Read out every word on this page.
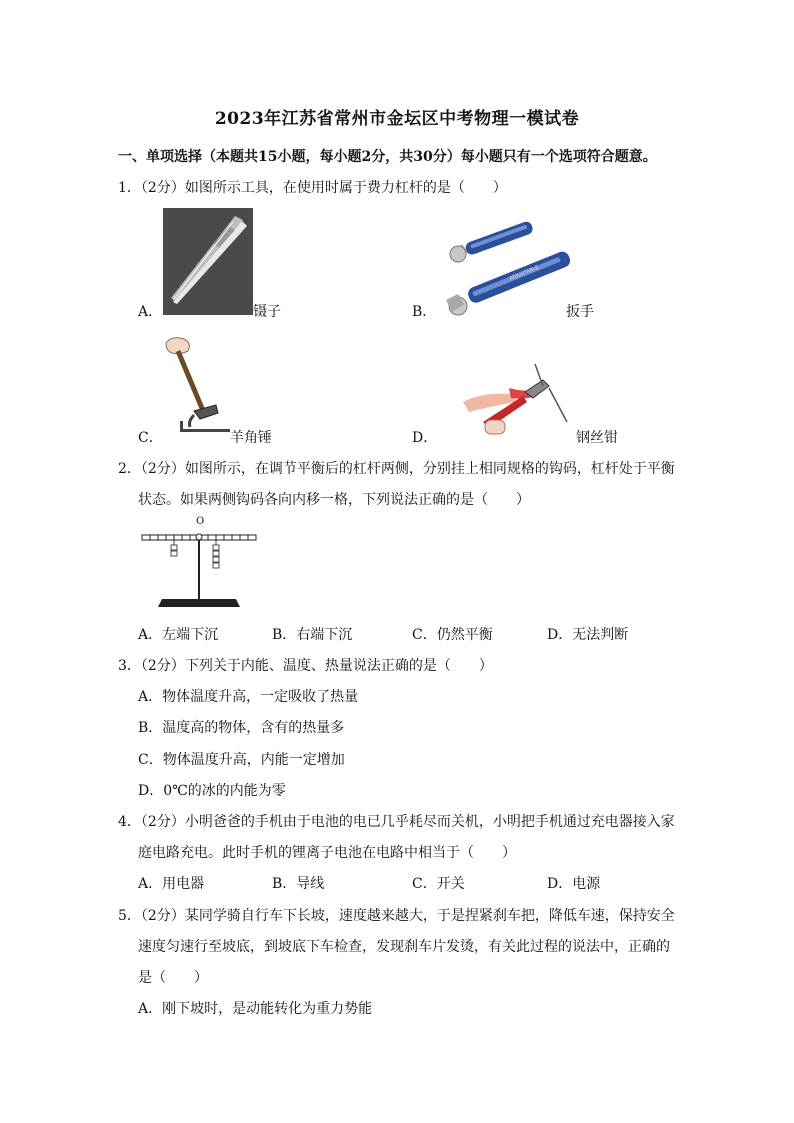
2023年江苏省常州市金坛区中考物理一模试卷
一、单项选择（本题共15小题，每小题2分，共30分）每小题只有一个选项符合题意。
1．（2分）如图所示工具，在使用时属于费力杠杆的是（　　）
A．	镊子	B．
ADJUSTABLE
扳手
C．	羊角锤	D．	钢丝钳
2．（2分）如图所示，在调节平衡后的杠杆两侧，分别挂上相同规格的钩码，杠杆处于平衡
状态。如果两侧钩码各向内移一格，下列说法正确的是（　　）
O
A．左端下沉	B．右端下沉	C．仍然平衡	D．无法判断
3．（2分）下列关于内能、温度、热量说法正确的是（　　）
A．物体温度升高，一定吸收了热量
B．温度高的物体，含有的热量多
C．物体温度升高，内能一定增加
D．0℃的冰的内能为零
4．（2分）小明爸爸的手机由于电池的电已几乎耗尽而关机，小明把手机通过充电器接入家
庭电路充电。此时手机的锂离子电池在电路中相当于（　　）
A．用电器	B．导线	C．开关	D．电源
5．（2分）某同学骑自行车下长坡，速度越来越大，于是捏紧刹车把，降低车速，保持安全
速度匀速行至坡底，到坡底下车检查，发现刹车片发烫，有关此过程的说法中，正确的
是（　　）
A．刚下坡时，是动能转化为重力势能
